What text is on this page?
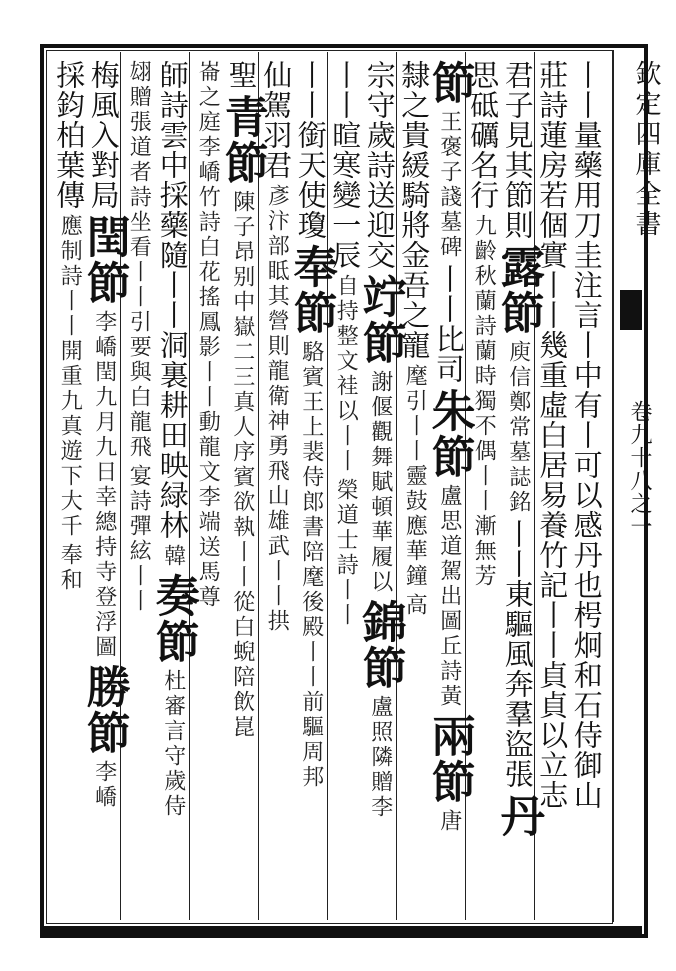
欽定四庫全書
卷九十八之一
丨丨量藥用刀圭注言丨中有丨可以感丹也枵炯和石侍御山
莊詩蓮房若個實丨丨幾重虛白居易養竹記丨丨貞貞以立志
君子見其節則
露節
庾信鄭常墓誌銘
丨丨東驅風奔羣盜張
丹
思砥礪名行
九齡秋蘭詩蘭時獨不偶丨丨漸無芳
節
王褒子諓墓碑
丨丨比司
朱節
盧思道駕出圖丘詩黃
兩節
唐
隸之貴緩騎將金吾之寵
麾引丨丨靈鼓應華鐘
高
宗守歲詩送迎交
竚節
謝偃觀舞賦頓華履以
錦節
盧照隣贈李
丨丨暄寒變一辰
自持整文袿以丨丨
榮道士詩丨丨
丨丨銜天使瓊
奉節
駱賓王上裴侍郎書陪麾後殿丨丨前驅周邦
仙駕羽君
彥汴部眡其營則龍衛神勇飛山雄武丨丨拱
聖
青節
陳子昂别中嶽二三真人序賓欲執丨丨從白蜺陪飲崑
崙之庭李嶠竹詩白花搖鳳影丨丨動龍文李端送馬尊
師詩雲中採藥隨丨丨洞裏耕田映緑林
韓
奏節
杜審言守歲侍
翃贈張道者詩坐看丨丨引要與白龍飛
宴詩彈絃丨丨
梅風入對局
閏節
李嶠閏九月九日幸總持寺登浮圖
勝節
李嶠
採鈞柏葉傳
應制詩丨丨開重九真遊下大千
奉和
